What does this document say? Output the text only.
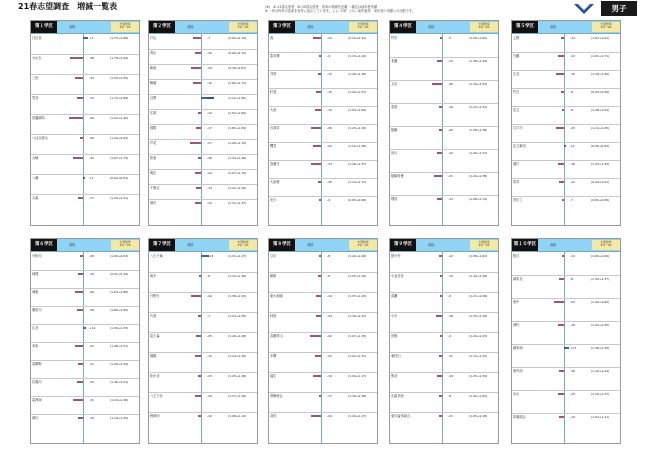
21春志望調査　増減一覧表	(※)　A: 21春志望者　B: 20春志望者　倍率の増減を記載 ・確定は前年度実績
※ ・印は昨年の倍率を参考に表示しています。 (-)…不明　(+)…前年新設　前年度の実績との比較です。	男子
第１学区	高校
志望倍率
21/～20
日比谷	+3	(1.73→1.66)
小山台	-38	(1.78→1.94)
三田	-34	(1.50→1.55)
雪谷	-13	(1.70→1.68)
田園調布	-26	(1.22→1.40)
つばさ総合	-36	(1.44→2.02)
大崎	-41	(1.67→1.73)
八潮	+1	(0.92→0.91)
大森	-17	(1.20→1.31)
第２学区	高校
志望倍率
21/～20
戸山	-7	(2.09→2.19)
青山	-30	(2.00→2.31)
新宿	-29	(2.30→2.67)
駒場	-15	(1.69→1.71)
目黒	+33	(1.12→1.00)
広尾	-12	(1.52→1.60)
国際	-17	(1.83→1.84)
芦花	-27	(1.26→1.33)
松原	-36	(1.34→1.46)
明正	-22	(1.07→1.15)
千歳丘	-14	(1.21→1.20)
深沢	-12	(1.31→1.37)
第３学区	高校
志望倍率
21/～20
西	-22	(2.10→2.31)
豊多摩	-9	(1.13→1.22)
井草	-13	(1.26→1.36)
杉並	-15	(1.20→1.27)
大泉	-10	(1.53→1.60)
石神井	-36	(1.23→1.30)
鷺宮	-22	(1.15→1.28)
武蔵丘	-33	(1.26→1.37)
大泉桜	-35	(1.19→1.31)
光丘	-9	(0.95→0.98)
第４学区	高校
志望倍率
21/～20
竹早	-5	(1.56→1.60)
北園	-13	(1.38→1.43)
文京	-45	(1.39→1.53)
豊島	-16	(1.23→1.31)
板橋	-20	(1.28→1.38)
向丘	-12	(1.29→1.37)
板橋有徳	-21	(1.20→1.38)
飛鳥	-13	(1.08→1.14)
第５学区	高校
志望倍率
21/～20
上野	-14	(1.67→1.61)
白鷗	-12	(1.61→1.71)
江北	-15	(1.39→1.49)
竹台	-8	(0.93→0.99)
足立	-8	(1.48→1.54)
江戸川	-23	(1.14→1.25)
足立新田	+3	(0.95→0.93)
淵江	-18	(1.33→1.43)
青井	-12	(0.94→1.01)
荒川工	-7	(0.81→0.83)
第６学区	高校
志望倍率
21/～20
小松川	-28	(1.90→2.03)
両国	-10	(2.01→2.19)
城東	-40	(1.64→1.86)
墨田川	-38	(1.66→1.85)
江北	+14	(1.39→1.33)
本所	-21	(1.48→1.57)
葛飾野	-11	(1.26→1.29)
紅葉川	-32	(1.36→1.51)
葛西南	-31	(1.19→1.36)
深川	-10	(1.19→1.25)
第７学区	高校
志望倍率
21/～20
八王子東	+13	(1.31→1.27)
南平	-8	(1.32→1.36)
日野台	-44	(1.38→1.53)
片倉	-7	(1.23→1.25)
富士森	-25	(1.40→1.48)
翔陽	-12	(1.24→1.30)
松が谷	-23	(1.25→1.36)
八王子北	-20	(1.17→1.26)
野津田	-10	(1.08→1.12)
第８学区	高校
志望倍率
21/～20
立川	-8	(1.42→1.46)
昭和	-8	(1.25→1.29)
東大和南	-14	(1.37→1.43)
拝島	-24	(1.30→1.41)
武蔵村山	-42	(1.07→1.33)
多摩	-22	(1.22→1.31)
福生	-19	(1.04→1.17)
青梅総合	-17	(1.30→1.38)
羽村	-24	(1.10→1.27)
第９学区	高校
志望倍率
21/～20
国分寺	-12	(1.58→1.62)
小金井北	-10	(1.43→1.49)
清瀬	-9	(1.21→1.28)
小平	-18	(1.35→1.44)
田無	-4	(1.20→1.23)
東村山	-11	(1.15→1.22)
保谷	-19	(1.25→1.39)
久留米西	-8	(1.00→1.05)
東久留米総合	-21	(1.05→1.18)
第１０学区	高校
志望倍率
21/～20
狛江	-14	(1.66→1.69)
調布北	-8	(1.35→1.37)
府中	-63	(1.40→1.60)
神代	-19	(1.40→1.55)
調布南	+17	(1.36→1.30)
府中西	-16	(1.16→1.24)
永山	-23	(1.16→1.27)
若葉総合	-14	(1.04→1.11)
